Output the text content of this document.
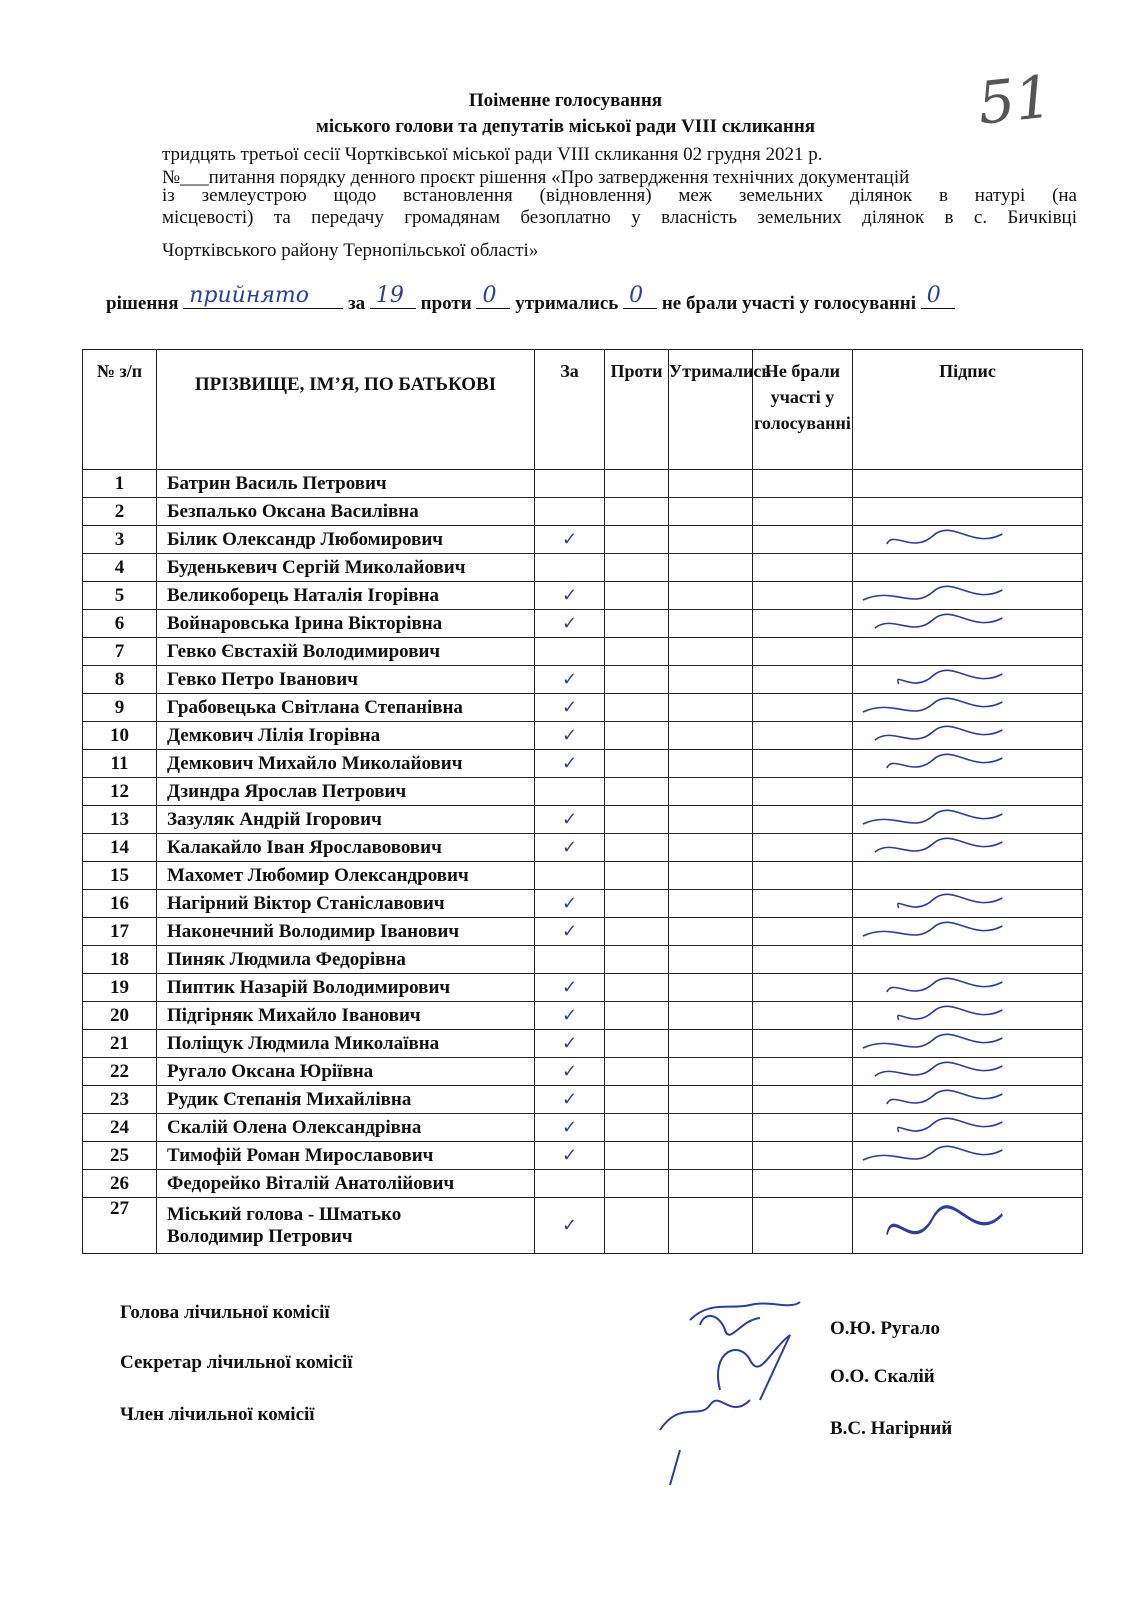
51
Поіменне голосування
міського голови та депутатів міської ради VIII скликання
тридцять третьої сесії Чортківської міської ради VIII скликання 02 грудня 2021 р.
№___питання порядку денного проєкт рішення «Про затвердження технічних документацій
із землеустрою щодо встановлення (відновлення) меж земельних ділянок в натурі (на
місцевості) та передачу громадянам безоплатно у власність земельних ділянок в с. Бичківці
Чортківського району Тернопільської області»
рішення прийнято за 19 проти 0 утримались 0 не брали участі у голосуванні 0
№ з/п	ПРІЗВИЩЕ, ІМ’Я, ПО БАТЬКОВІ	За	Проти	Утримались	Не брали участі у голосуванні	Підпис
1	Батрин Василь Петрович					
2	Безпалько Оксана Василівна					
3	Білик Олександр Любомирович	✓				

4	Буденькевич Сергій Миколайович					
5	Великоборець Наталія Ігорівна	✓				

6	Войнаровська Ірина Вікторівна	✓				

7	Гевко Євстахій Володимирович					
8	Гевко Петро Іванович	✓				

9	Грабовецька Світлана Степанівна	✓				

10	Демкович Лілія Ігорівна	✓				

11	Демкович Михайло Миколайович	✓				

12	Дзиндра Ярослав Петрович					
13	Зазуляк Андрій Ігорович	✓				

14	Калакайло Іван Ярославовович	✓				

15	Махомет Любомир Олександрович					
16	Нагірний Віктор Станіславович	✓				

17	Наконечний Володимир Іванович	✓				

18	Пиняк Людмила Федорівна					
19	Пиптик Назарій Володимирович	✓				

20	Підгірняк Михайло Іванович	✓				

21	Поліщук Людмила Миколаївна	✓				

22	Ругало Оксана Юріївна	✓				

23	Рудик Степанія Михайлівна	✓				

24	Скалій Олена Олександрівна	✓				

25	Тимофій Роман Мирославович	✓				

26	Федорейко Віталій Анатолійович					
27	Міський голова - Шматько
Володимир Петрович	✓				
Голова лічильної комісії
Секретар лічильної комісії
Член лічильної комісії
О.Ю. Ругало
О.О. Скалій
В.С. Нагірний
